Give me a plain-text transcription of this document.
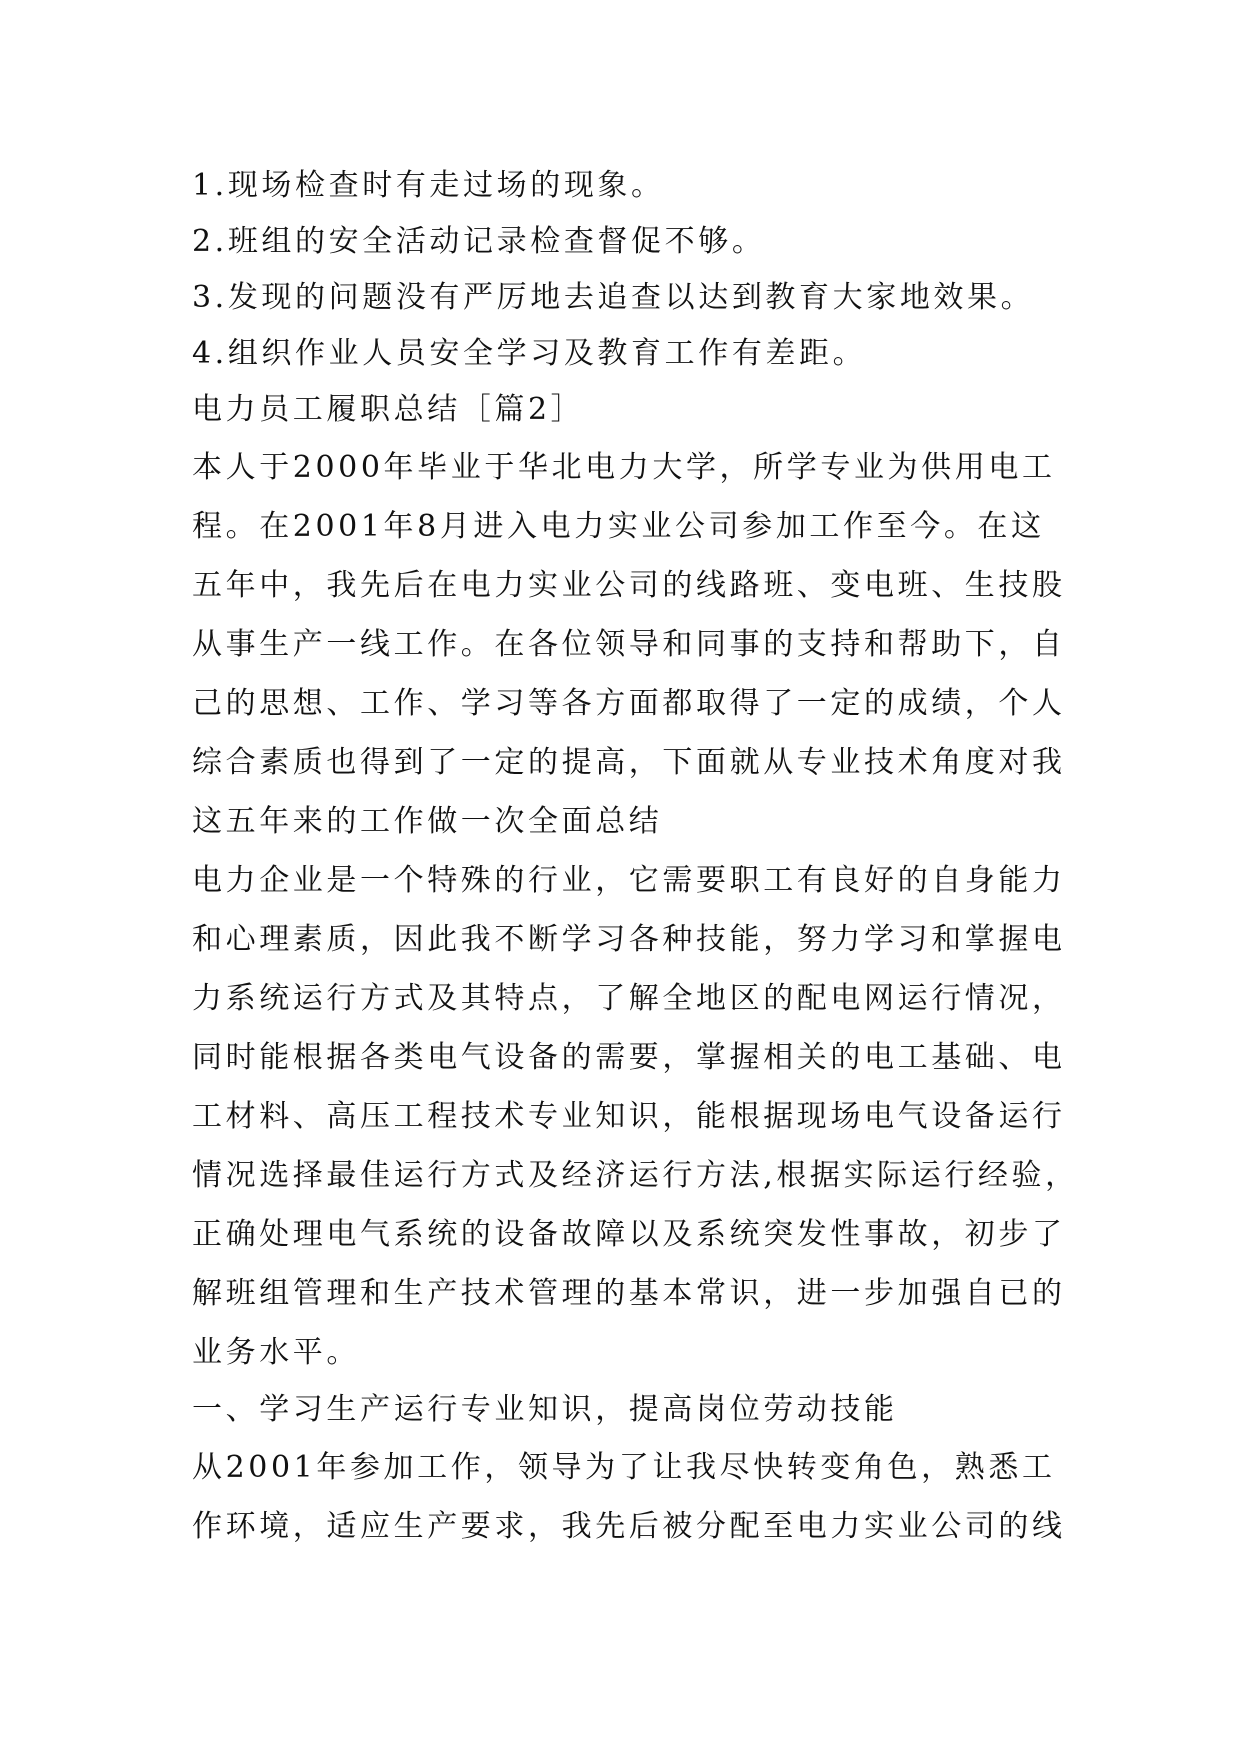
1.现场检查时有走过场的现象。
2.班组的安全活动记录检查督促不够。
3.发现的问题没有严厉地去追查以达到教育大家地效果。
4.组织作业人员安全学习及教育工作有差距。
电力员工履职总结［篇2］
本人于2000年毕业于华北电力大学，所学专业为供用电工
程。在2001年8月进入电力实业公司参加工作至今。在这
五年中，我先后在电力实业公司的线路班、变电班、生技股
从事生产一线工作。在各位领导和同事的支持和帮助下，自
己的思想、工作、学习等各方面都取得了一定的成绩，个人
综合素质也得到了一定的提高，下面就从专业技术角度对我
这五年来的工作做一次全面总结
电力企业是一个特殊的行业，它需要职工有良好的自身能力
和心理素质，因此我不断学习各种技能，努力学习和掌握电
力系统运行方式及其特点，了解全地区的配电网运行情况，
同时能根据各类电气设备的需要，掌握相关的电工基础、电
工材料、高压工程技术专业知识，能根据现场电气设备运行
情况选择最佳运行方式及经济运行方法,根据实际运行经验，
正确处理电气系统的设备故障以及系统突发性事故，初步了
解班组管理和生产技术管理的基本常识，进一步加强自已的
业务水平。
一、学习生产运行专业知识，提高岗位劳动技能
从2001年参加工作，领导为了让我尽快转变角色，熟悉工
作环境，适应生产要求，我先后被分配至电力实业公司的线
